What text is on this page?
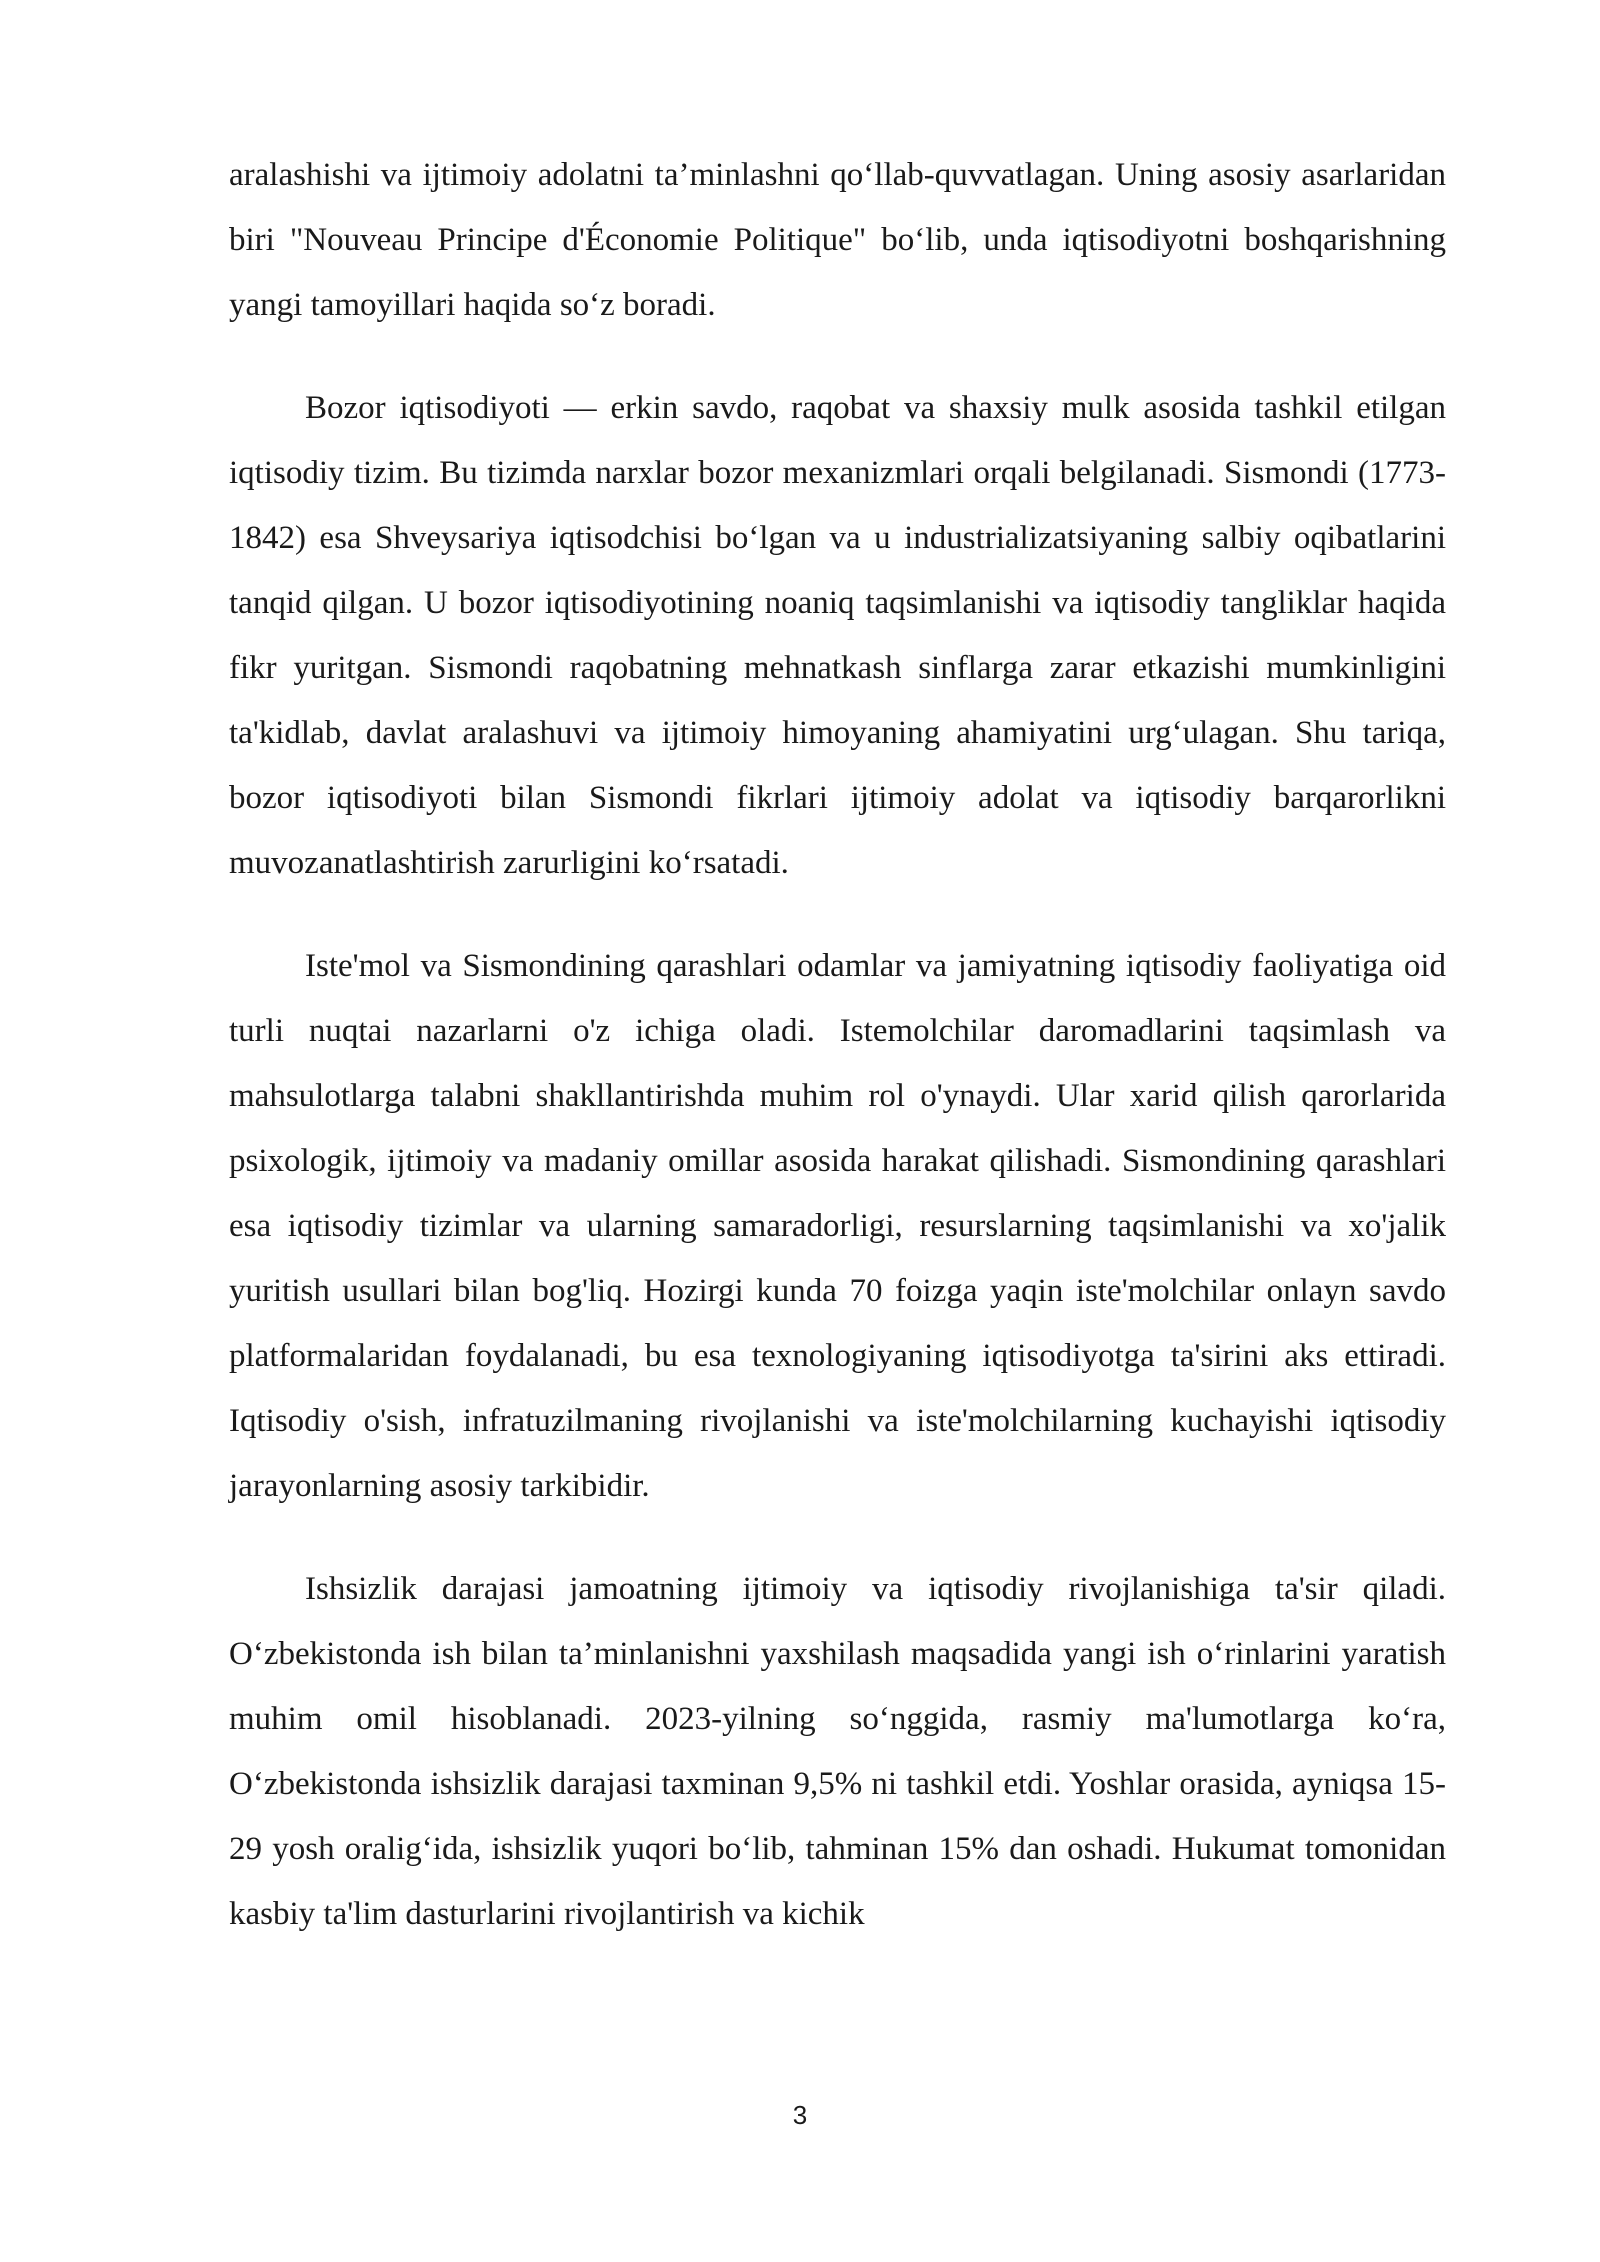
aralashishi va ijtimoiy adolatni ta’minlashni qo‘llab-quvvatlagan. Uning asosiy asarlaridan biri "Nouveau Principe d'Économie Politique" bo‘lib, unda iqtisodiyotni boshqarishning yangi tamoyillari haqida so‘z boradi.

Bozor iqtisodiyoti — erkin savdo, raqobat va shaxsiy mulk asosida tashkil etilgan iqtisodiy tizim. Bu tizimda narxlar bozor mexanizmlari orqali belgilanadi. Sismondi (1773-1842) esa Shveysariya iqtisodchisi bo‘lgan va u industrializatsiyaning salbiy oqibatlarini tanqid qilgan. U bozor iqtisodiyotining noaniq taqsimlanishi va iqtisodiy tangliklar haqida fikr yuritgan. Sismondi raqobatning mehnatkash sinflarga zarar etkazishi mumkinligini ta'kidlab, davlat aralashuvi va ijtimoiy himoyaning ahamiyatini urg‘ulagan. Shu tariqa, bozor iqtisodiyoti bilan Sismondi fikrlari ijtimoiy adolat va iqtisodiy barqarorlikni muvozanatlashtirish zarurligini ko‘rsatadi.

Iste'mol va Sismondining qarashlari odamlar va jamiyatning iqtisodiy faoliyatiga oid turli nuqtai nazarlarni o'z ichiga oladi. Istemolchilar daromadlarini taqsimlash va mahsulotlarga talabni shakllantirishda muhim rol o'ynaydi. Ular xarid qilish qarorlarida psixologik, ijtimoiy va madaniy omillar asosida harakat qilishadi. Sismondining qarashlari esa iqtisodiy tizimlar va ularning samaradorligi, resurslarning taqsimlanishi va xo'jalik yuritish usullari bilan bog'liq. Hozirgi kunda 70 foizga yaqin iste'molchilar onlayn savdo platformalaridan foydalanadi, bu esa texnologiyaning iqtisodiyotga ta'sirini aks ettiradi. Iqtisodiy o'sish, infratuzilmaning rivojlanishi va iste'molchilarning kuchayishi iqtisodiy jarayonlarning asosiy tarkibidir.

Ishsizlik darajasi jamoatning ijtimoiy va iqtisodiy rivojlanishiga ta'sir qiladi. O‘zbekistonda ish bilan ta’minlanishni yaxshilash maqsadida yangi ish o‘rinlarini yaratish muhim omil hisoblanadi. 2023-yilning so‘nggida, rasmiy ma'lumotlarga ko‘ra, O‘zbekistonda ishsizlik darajasi taxminan 9,5% ni tashkil etdi. Yoshlar orasida, ayniqsa 15-29 yosh oralig‘ida, ishsizlik yuqori bo‘lib, tahminan 15% dan oshadi. Hukumat tomonidan kasbiy ta'lim dasturlarini rivojlantirish va kichik

3
